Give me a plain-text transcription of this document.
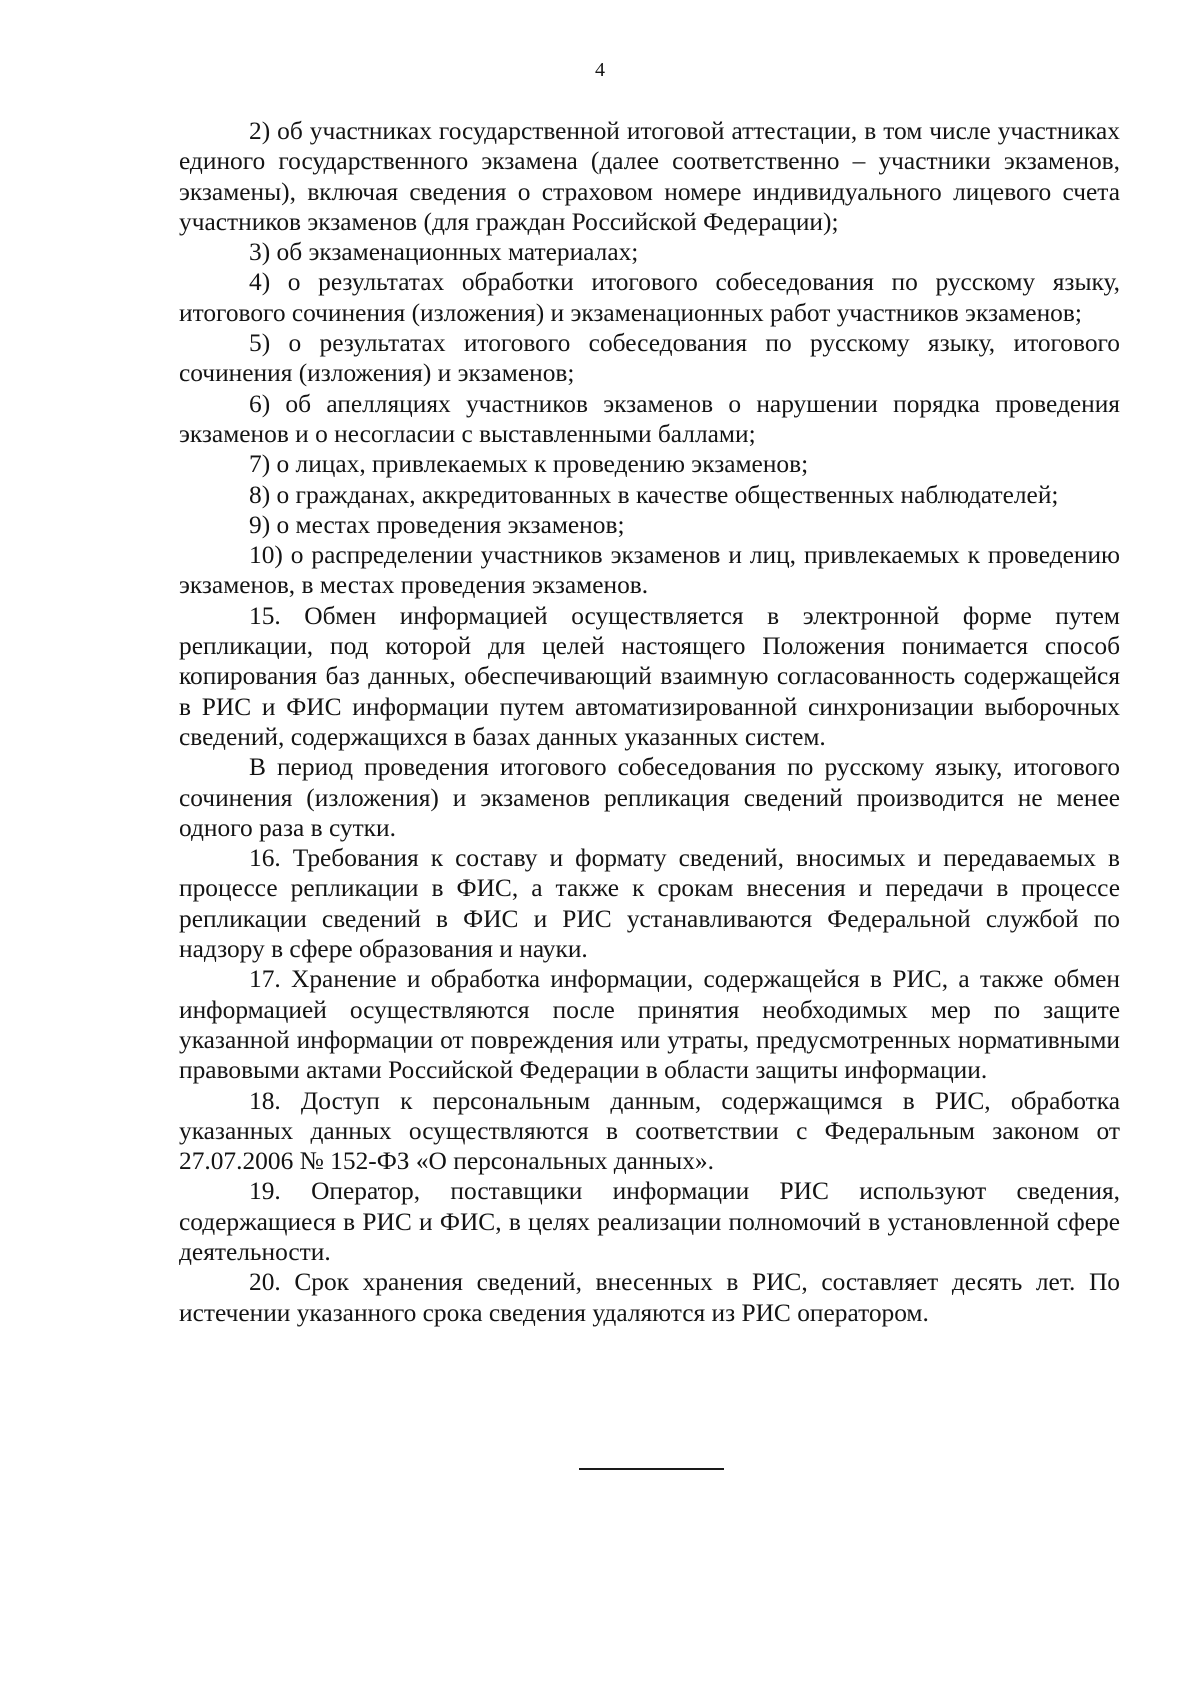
4

2) об участниках государственной итоговой аттестации, в том числе участниках единого государственного экзамена (далее соответственно – участники экзаменов, экзамены), включая сведения о страховом номере индивидуального лицевого счета участников экзаменов (для граждан Российской Федерации);

3) об экзаменационных материалах;

4) о результатах обработки итогового собеседования по русскому языку, итогового сочинения (изложения) и экзаменационных работ участников экзаменов;

5) о результатах итогового собеседования по русскому языку, итогового сочинения (изложения) и экзаменов;

6) об апелляциях участников экзаменов о нарушении порядка проведения экзаменов и о несогласии с выставленными баллами;

7) о лицах, привлекаемых к проведению экзаменов;

8) о гражданах, аккредитованных в качестве общественных наблюдателей;

9) о местах проведения экзаменов;

10) о распределении участников экзаменов и лиц, привлекаемых к проведению экзаменов, в местах проведения экзаменов.

15. Обмен информацией осуществляется в электронной форме путем репликации, под которой для целей настоящего Положения понимается способ копирования баз данных, обеспечивающий взаимную согласованность содержащейся в РИС и ФИС информации путем автоматизированной синхронизации выборочных сведений, содержащихся в базах данных указанных систем.

В период проведения итогового собеседования по русскому языку, итогового сочинения (изложения) и экзаменов репликация сведений производится не менее одного раза в сутки.

16. Требования к составу и формату сведений, вносимых и передаваемых в процессе репликации в ФИС, а также к срокам внесения и передачи в процессе репликации сведений в ФИС и РИС устанавливаются Федеральной службой по надзору в сфере образования и науки.

17. Хранение и обработка информации, содержащейся в РИС, а также обмен информацией осуществляются после принятия необходимых мер по защите указанной информации от повреждения или утраты, предусмотренных нормативными правовыми актами Российской Федерации в области защиты информации.

18. Доступ к персональным данным, содержащимся в РИС, обработка указанных данных осуществляются в соответствии с Федеральным законом от 27.07.2006 № 152-ФЗ «О персональных данных».

19. Оператор, поставщики информации РИС используют сведения, содержащиеся в РИС и ФИС, в целях реализации полномочий в установленной сфере деятельности.

20. Срок хранения сведений, внесенных в РИС, составляет десять лет. По истечении указанного срока сведения удаляются из РИС оператором.
